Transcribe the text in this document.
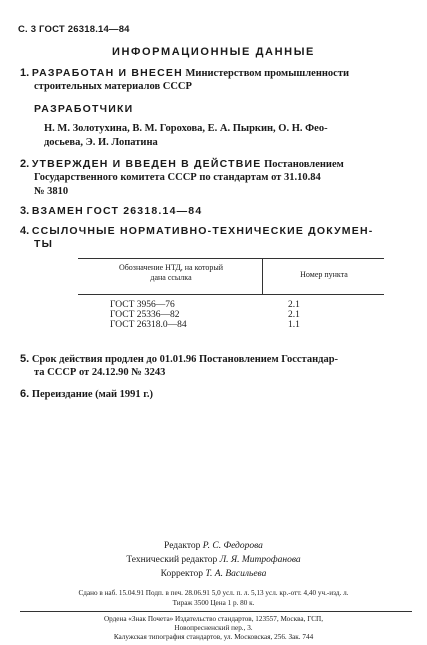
С. 3 ГОСТ 26318.14—84
ИНФОРМАЦИОННЫЕ ДАННЫЕ
1. РАЗРАБОТАН И ВНЕСЕН Министерством промышленности
строительных материалов СССР
РАЗРАБОТЧИКИ
Н. М. Золотухина, В. М. Горохова, Е. А. Пыркин, О. Н. Фео-
досьева, Э. И. Лопатина
2. УТВЕРЖДЕН И ВВЕДЕН В ДЕЙСТВИЕ Постановлением
Государственного комитета СССР по стандартам от 31.10.84
№ 3810
3. ВЗАМЕН ГОСТ 26318.14—84
4. ССЫЛОЧНЫЕ НОРМАТИВНО-ТЕХНИЧЕСКИЕ ДОКУМЕН-
ТЫ
Обозначение НТД, на который
дана ссылка	Номер пункта
ГОСТ 3956—76	2.1
ГОСТ 25336—82	2.1
ГОСТ 26318.0—84	1.1
5. Срок действия продлен до 01.01.96 Постановлением Госстандар-
та СССР от 24.12.90 № 3243
6. Переиздание (май 1991 г.)
Редактор Р. С. Федорова
Технический редактор Л. Я. Митрофанова
Корректор Т. А. Васильева
Сдано в наб. 15.04.91 Подп. в печ. 28.06.91 5,0 усл. п. л. 5,13 усл. кр.-отт. 4,40 уч.-изд. л.
Тираж 3500 Цена 1 р. 80 к.
Ордена «Знак Почета» Издательство стандартов, 123557, Москва, ГСП,
Новопресненский пер., 3.
Калужская типография стандартов, ул. Московская, 256. Зак. 744
